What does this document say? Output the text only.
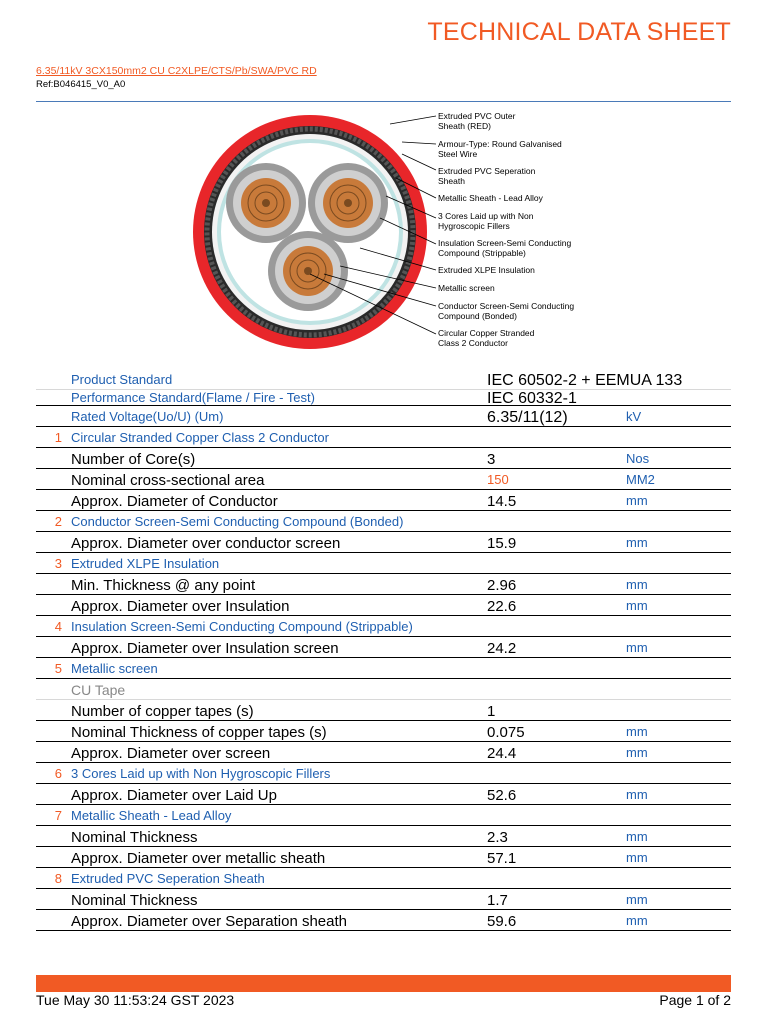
TECHNICAL DATA SHEET
6.35/11kV 3CX150mm2 CU C2XLPE/CTS/Pb/SWA/PVC RD
Ref:B046415_V0_A0
Extruded PVC Outer Sheath (RED)
Armour-Type: Round Galvanised Steel Wire
Extruded PVC Seperation Sheath
Metallic Sheath - Lead Alloy
3 Cores Laid up with Non Hygroscopic Fillers
Insulation Screen-Semi Conducting Compound (Strippable)
Extruded XLPE Insulation
Metallic screen
Conductor Screen-Semi Conducting Compound (Bonded)
Circular Copper Stranded Class 2 Conductor
Product Standard	IEC 60502-2 + EEMUA 133
Performance Standard(Flame / Fire - Test)	IEC 60332-1
Rated Voltage(Uo/U) (Um)	6.35/11(12)	kV
1 Circular Stranded Copper Class 2 Conductor
Number of Core(s)	3	Nos
Nominal cross-sectional area	150	MM2
Approx. Diameter of Conductor	14.5	mm
2 Conductor Screen-Semi Conducting Compound (Bonded)
Approx. Diameter over conductor screen	15.9	mm
3 Extruded XLPE Insulation
Min. Thickness @ any point	2.96	mm
Approx. Diameter over Insulation	22.6	mm
4 Insulation Screen-Semi Conducting Compound (Strippable)
Approx. Diameter over Insulation screen	24.2	mm
5 Metallic screen
CU Tape
Number of copper tapes (s)	1
Nominal Thickness of copper tapes (s)	0.075	mm
Approx. Diameter over screen	24.4	mm
6 3 Cores Laid up with Non Hygroscopic Fillers
Approx. Diameter over Laid Up	52.6	mm
7 Metallic Sheath - Lead Alloy
Nominal Thickness	2.3	mm
Approx. Diameter over metallic sheath	57.1	mm
8 Extruded PVC Seperation Sheath
Nominal Thickness	1.7	mm
Approx. Diameter over Separation sheath	59.6	mm
Tue May 30 11:53:24 GST 2023	Page 1 of 2
